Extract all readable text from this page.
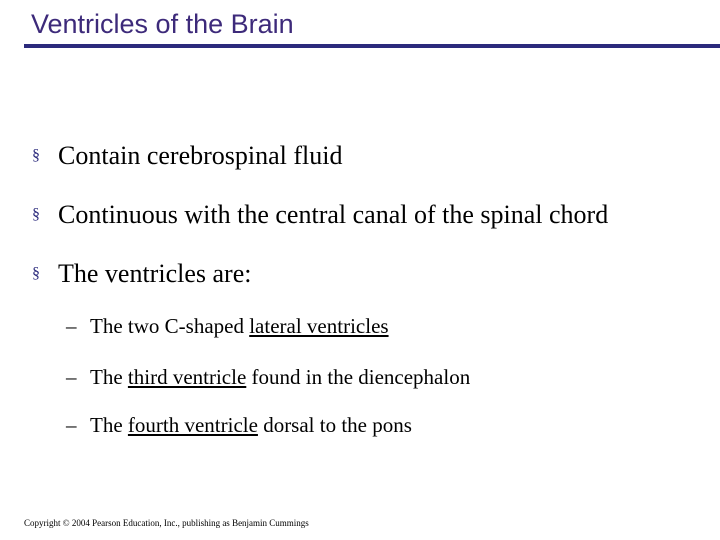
Ventricles of the Brain
§ Contain cerebrospinal fluid
§ Continuous with the central canal of the spinal chord
§ The ventricles are:
– The two C-shaped lateral ventricles
– The third ventricle found in the diencephalon
– The fourth ventricle dorsal to the pons
Copyright © 2004 Pearson Education, Inc., publishing as Benjamin Cummings
